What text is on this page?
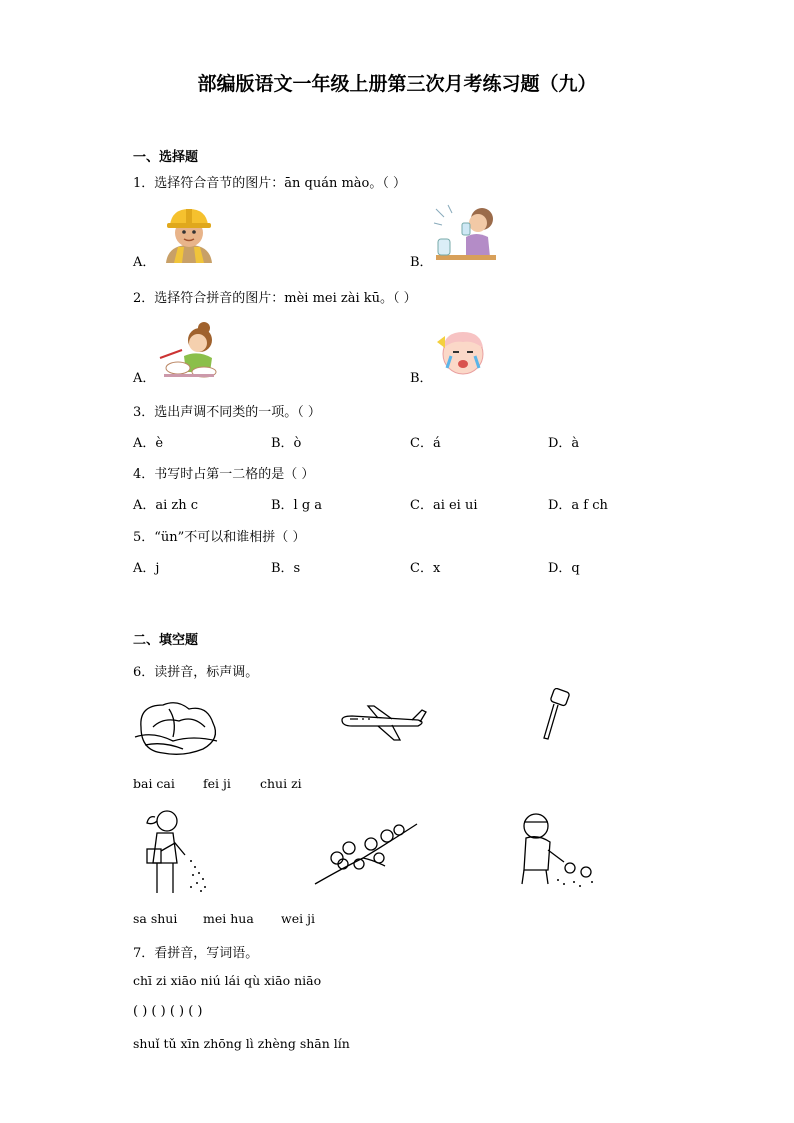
部编版语文一年级上册第三次月考练习题（九）
一、选择题
1．选择符合音节的图片：ān quán mào。（ ）
A．	B．
2．选择符合拼音的图片：mèi mei zài kū。（ ）
A．	B．
3．选出声调不同类的一项。（ ）
A．è	B．ò	C．á	D．à
4．书写时占第一二格的是（ ）
A．ai zh c	B．l g a	C．ai ei ui	D．a f ch
5．“ün”不可以和谁相拼（ ）
A．j	B．s	C．x	D．q
二、填空题
6．读拼音，标声调。
bai cai fei ji chui zi
sa shui mei hua wei ji
7．看拼音，写词语。
chī zi xiāo niú lái qù xiāo niāo
( ) ( ) ( ) ( )
shuǐ tǔ xīn zhōng lì zhèng shān lín
